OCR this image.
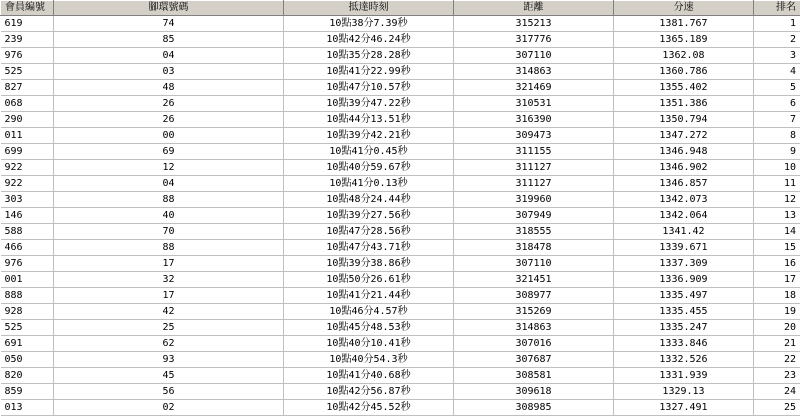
會員編號	腳環號碼	抵達時刻	距離	分速	排名
619	74	10點38分7.39秒	315213	1381.767	1
239	85	10點42分46.24秒	317776	1365.189	2
976	04	10點35分28.28秒	307110	1362.08	3
525	03	10點41分22.99秒	314863	1360.786	4
827	48	10點47分10.57秒	321469	1355.402	5
068	26	10點39分47.22秒	310531	1351.386	6
290	26	10點44分13.51秒	316390	1350.794	7
011	00	10點39分42.21秒	309473	1347.272	8
699	69	10點41分0.45秒	311155	1346.948	9
922	12	10點40分59.67秒	311127	1346.902	10
922	04	10點41分0.13秒	311127	1346.857	11
303	88	10點48分24.44秒	319960	1342.073	12
146	40	10點39分27.56秒	307949	1342.064	13
588	70	10點47分28.56秒	318555	1341.42	14
466	88	10點47分43.71秒	318478	1339.671	15
976	17	10點39分38.86秒	307110	1337.309	16
001	32	10點50分26.61秒	321451	1336.909	17
888	17	10點41分21.44秒	308977	1335.497	18
928	42	10點46分4.57秒	315269	1335.455	19
525	25	10點45分48.53秒	314863	1335.247	20
691	62	10點40分10.41秒	307016	1333.846	21
050	93	10點40分54.3秒	307687	1332.526	22
820	45	10點41分40.68秒	308581	1331.939	23
859	56	10點42分56.87秒	309618	1329.13	24
013	02	10點42分45.52秒	308985	1327.491	25
